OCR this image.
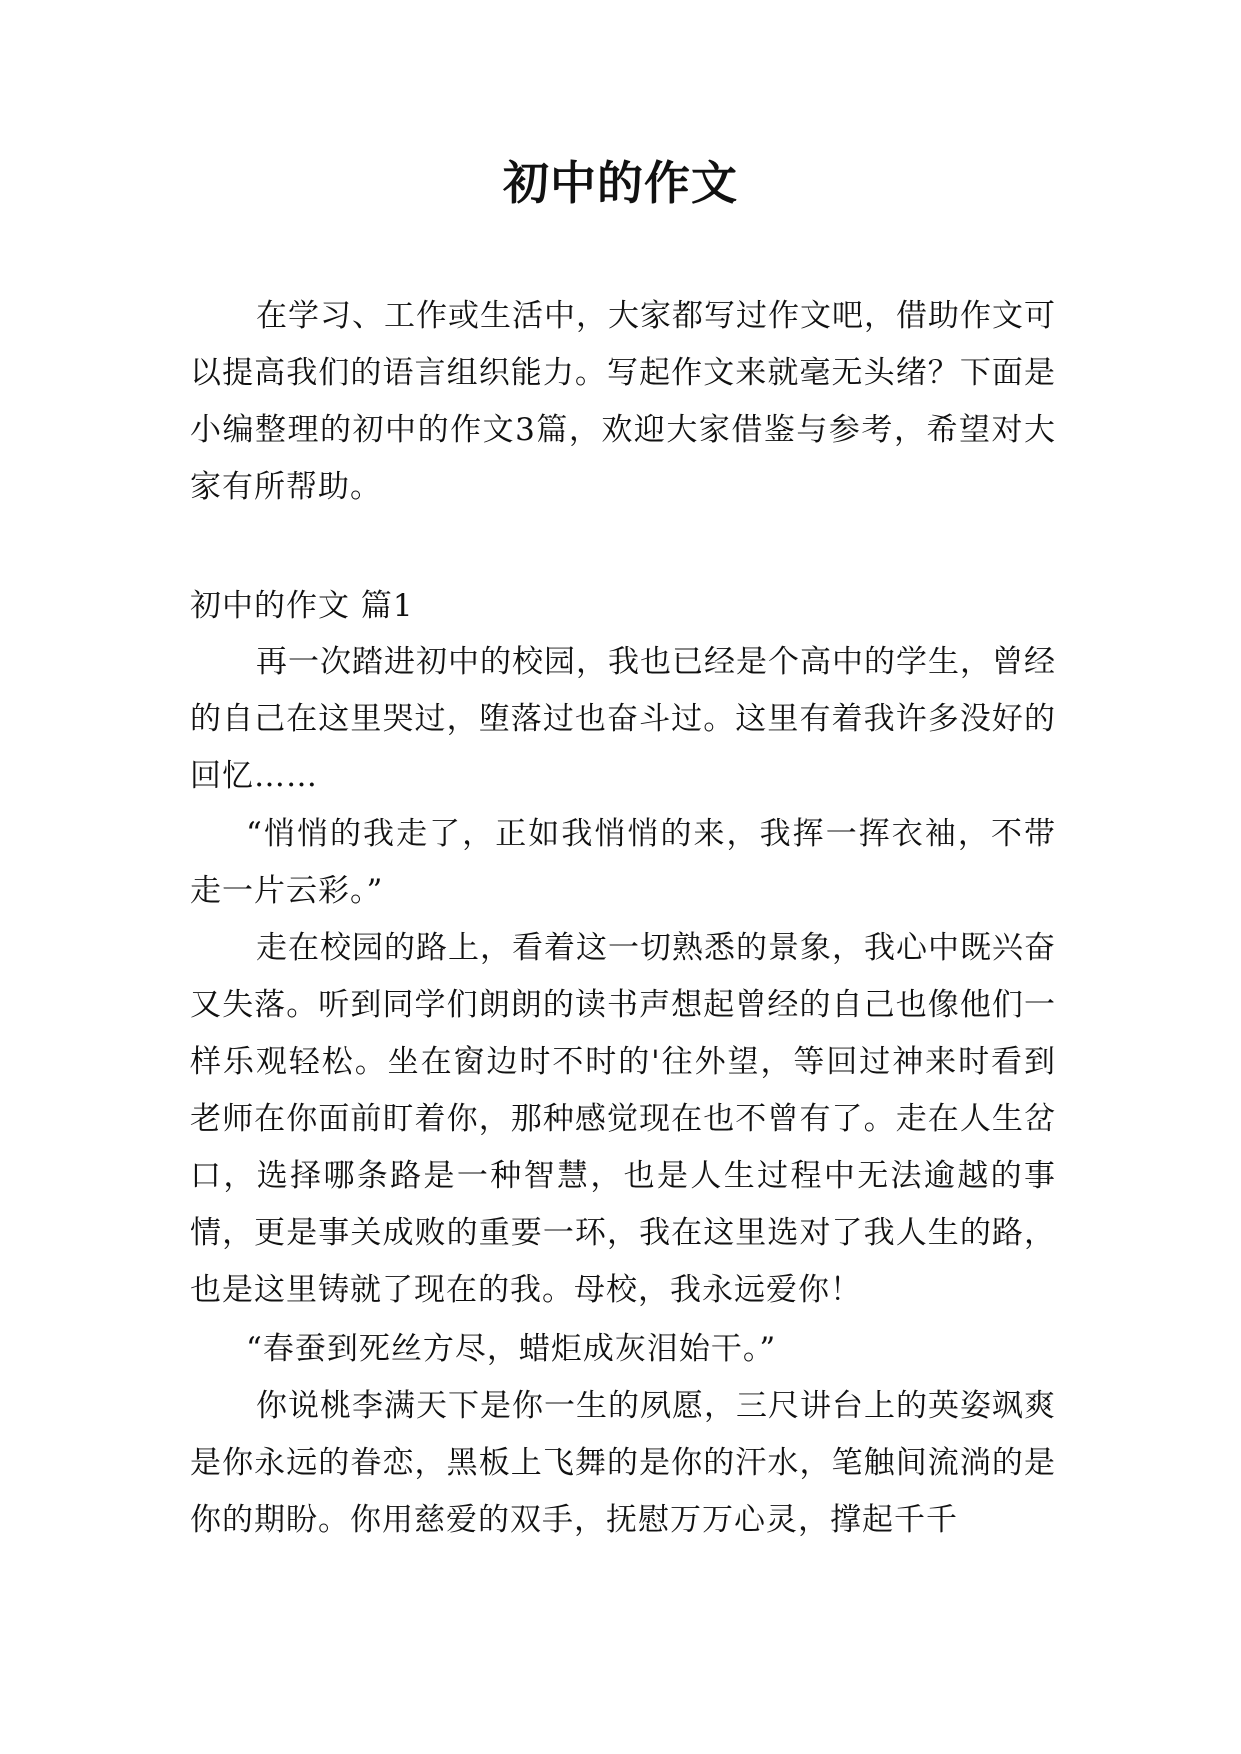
初中的作文

在学习、工作或生活中，大家都写过作文吧，借助作文可以提高我们的语言组织能力。写起作文来就毫无头绪？下面是小编整理的初中的作文3篇，欢迎大家借鉴与参考，希望对大家有所帮助。

初中的作文 篇1

再一次踏进初中的校园，我也已经是个高中的学生，曾经的自己在这里哭过，堕落过也奋斗过。这里有着我许多没好的回忆……

“悄悄的我走了，正如我悄悄的来，我挥一挥衣袖，不带走一片云彩。”

走在校园的路上，看着这一切熟悉的景象，我心中既兴奋又失落。听到同学们朗朗的读书声想起曾经的自己也像他们一样乐观轻松。坐在窗边时不时的'往外望，等回过神来时看到老师在你面前盯着你，那种感觉现在也不曾有了。走在人生岔口，选择哪条路是一种智慧，也是人生过程中无法逾越的事情，更是事关成败的重要一环，我在这里选对了我人生的路，也是这里铸就了现在的我。母校，我永远爱你！

“春蚕到死丝方尽，蜡炬成灰泪始干。”

你说桃李满天下是你一生的夙愿，三尺讲台上的英姿飒爽是你永远的眷恋，黑板上飞舞的是你的汗水，笔触间流淌的是你的期盼。你用慈爱的双手，抚慰万万心灵，撑起千千
